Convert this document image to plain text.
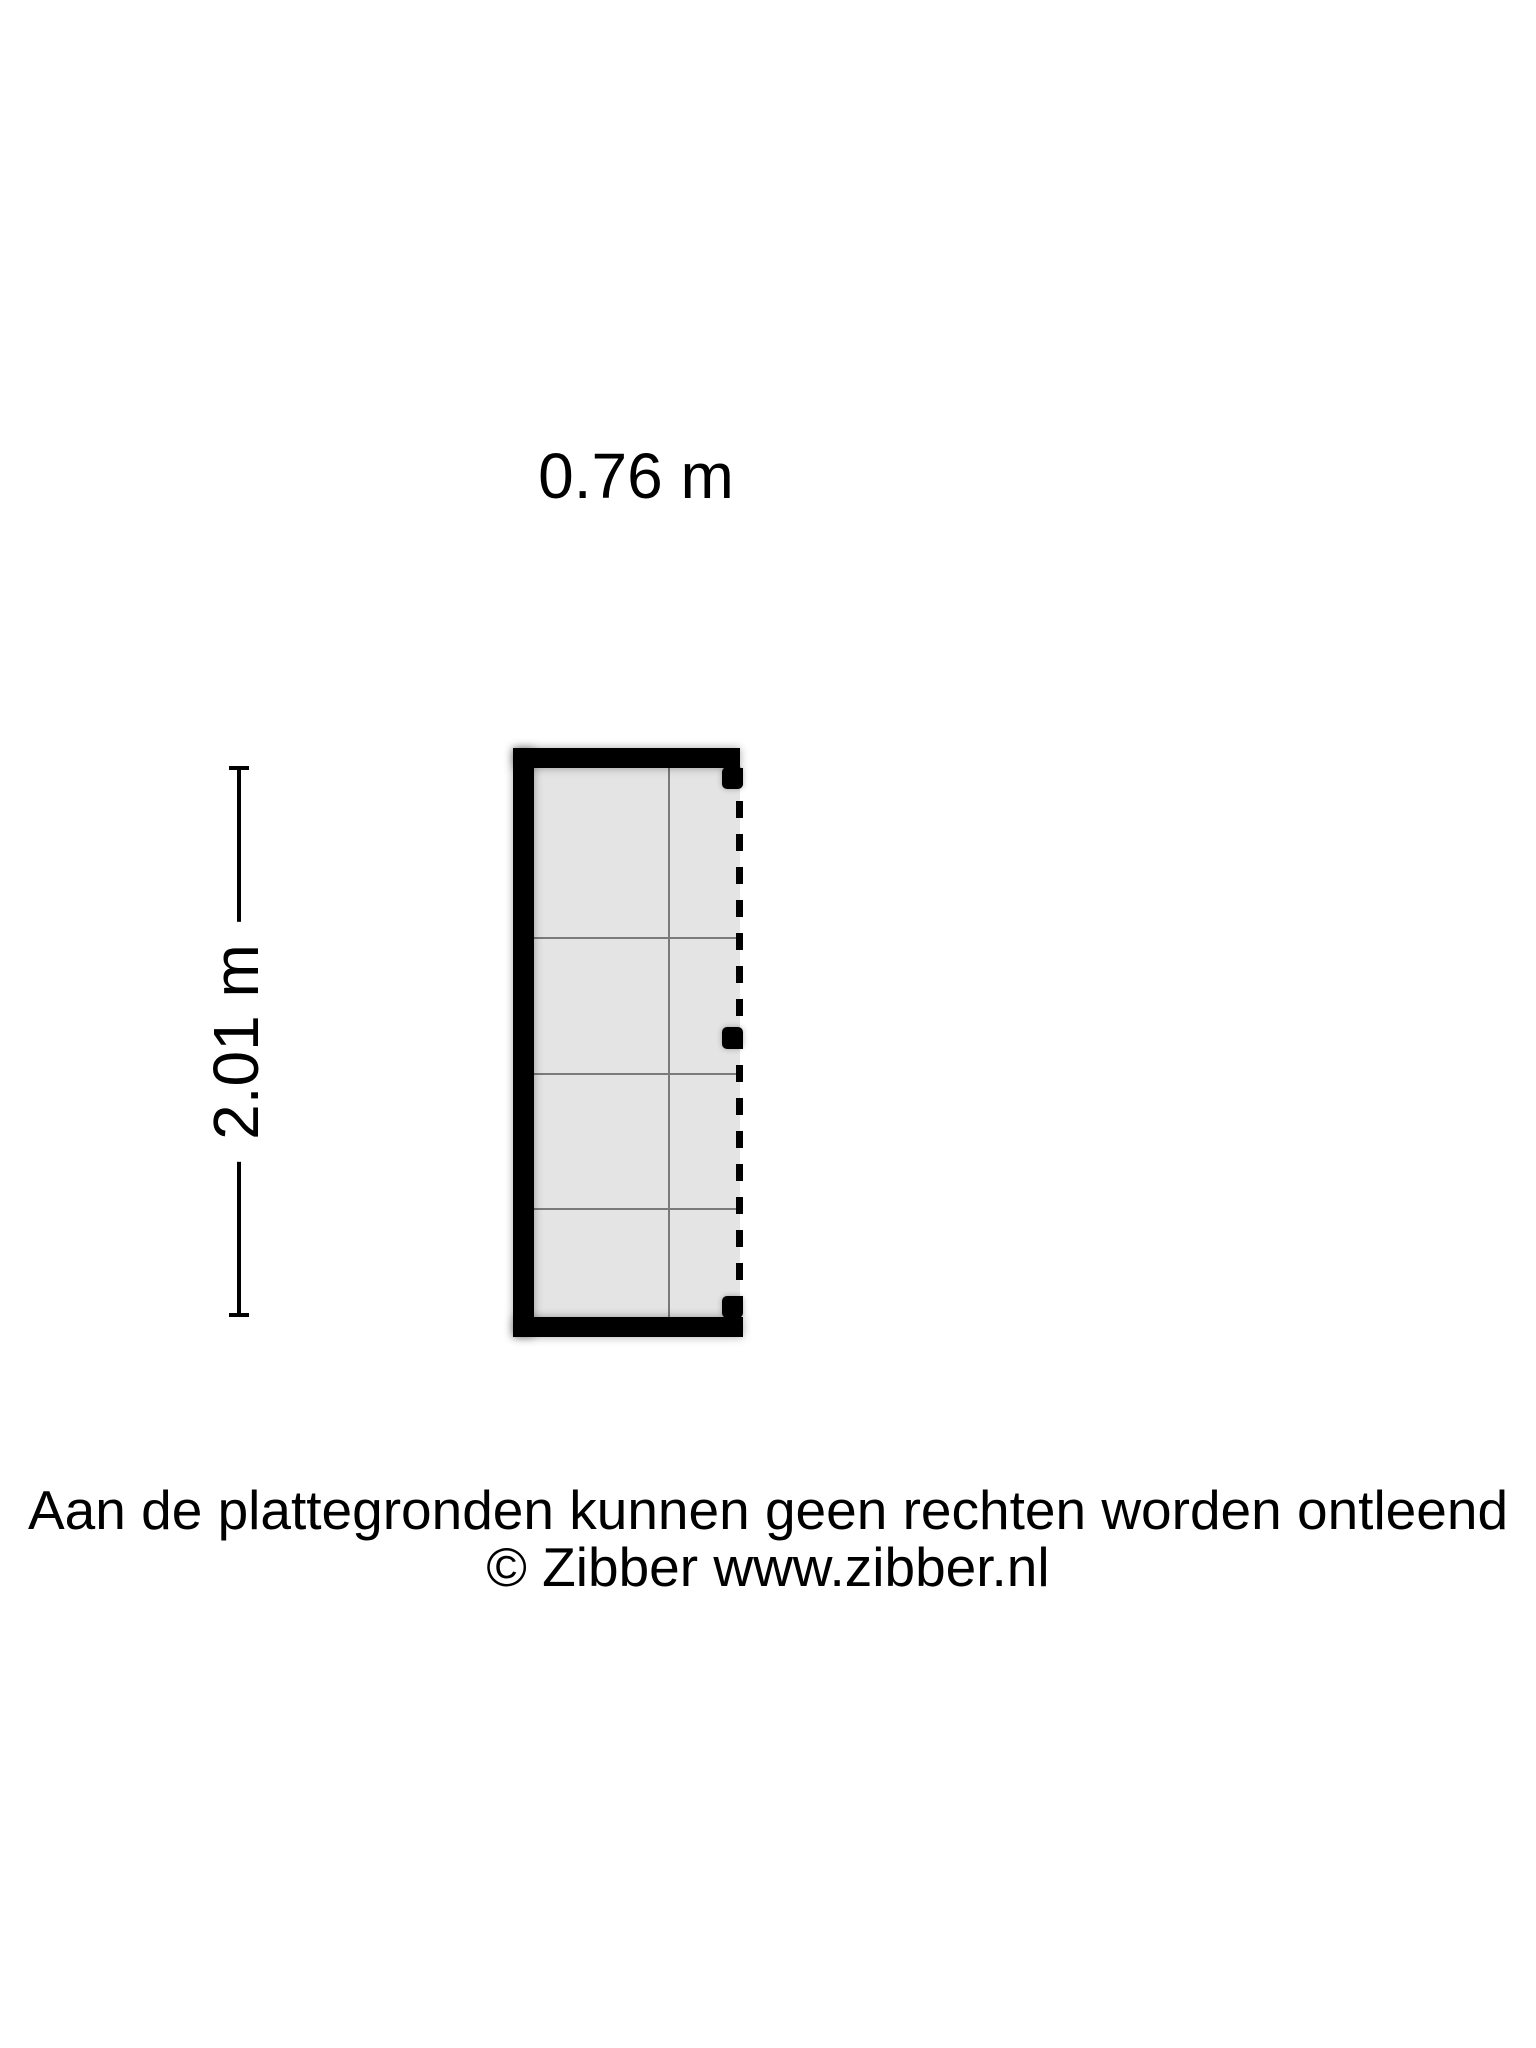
0.76 m
2.01 m
Aan de plattegronden kunnen geen rechten worden ontleend
© Zibber www.zibber.nl
